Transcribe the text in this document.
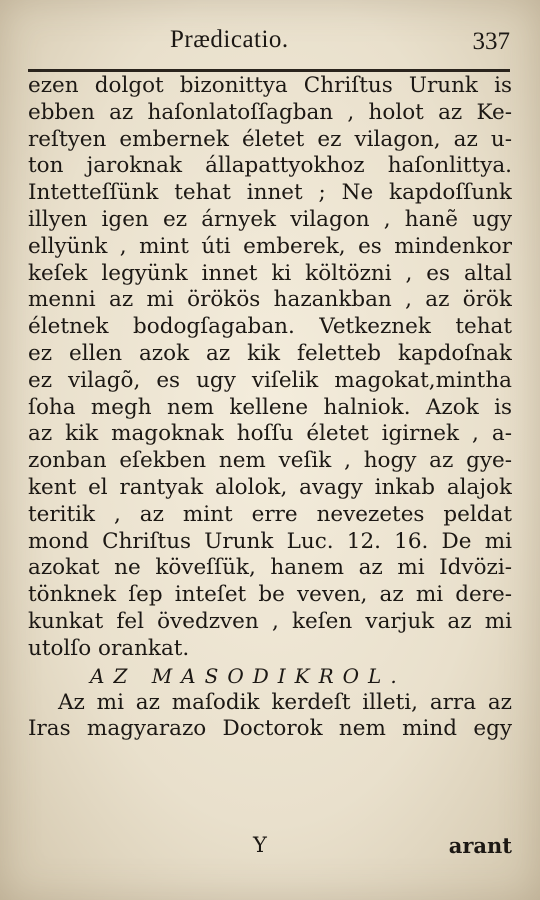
Prædicatio.	337
ezen dolgot bizonittya Chriſtus Urunk is
ebben az haſonlatoſſagban , holot az Ke-
reſtyen embernek életet ez vilagon, az u-
ton jaroknak állapattyokhoz haſonlittya.
Intetteſſünk tehat innet ; Ne kapdoſſunk
illyen igen ez árnyek vilagon , hanẽ ugy
ellyünk , mint úti emberek, es mindenkor
keſek legyünk innet ki költözni , es altal
menni az mi örökös hazankban , az örök
életnek bodogſagaban. Vetkeznek tehat
ez ellen azok az kik feletteb kapdoſnak
ez vilagõ, es ugy viſelik magokat,mintha
ſoha megh nem kellene halniok. Azok is
az kik magoknak hoſſu életet igirnek , a-
zonban eſekben nem veſik , hogy az gye-
kent el rantyak alolok, avagy inkab alajok
teritik , az mint erre nevezetes peldat
mond Chriſtus Urunk Luc. 12. 16. De mi
azokat ne köveſſük, hanem az mi Idvözi-
tönknek ſep inteſet be veven, az mi dere-
kunkat fel övedzven , keſen varjuk az mi
utolſo orankat.
AZ MASODIKROL.
Az mi az maſodik kerdeſt illeti, arra az
Iras magyarazo Doctorok nem mind egy
Y	arant
